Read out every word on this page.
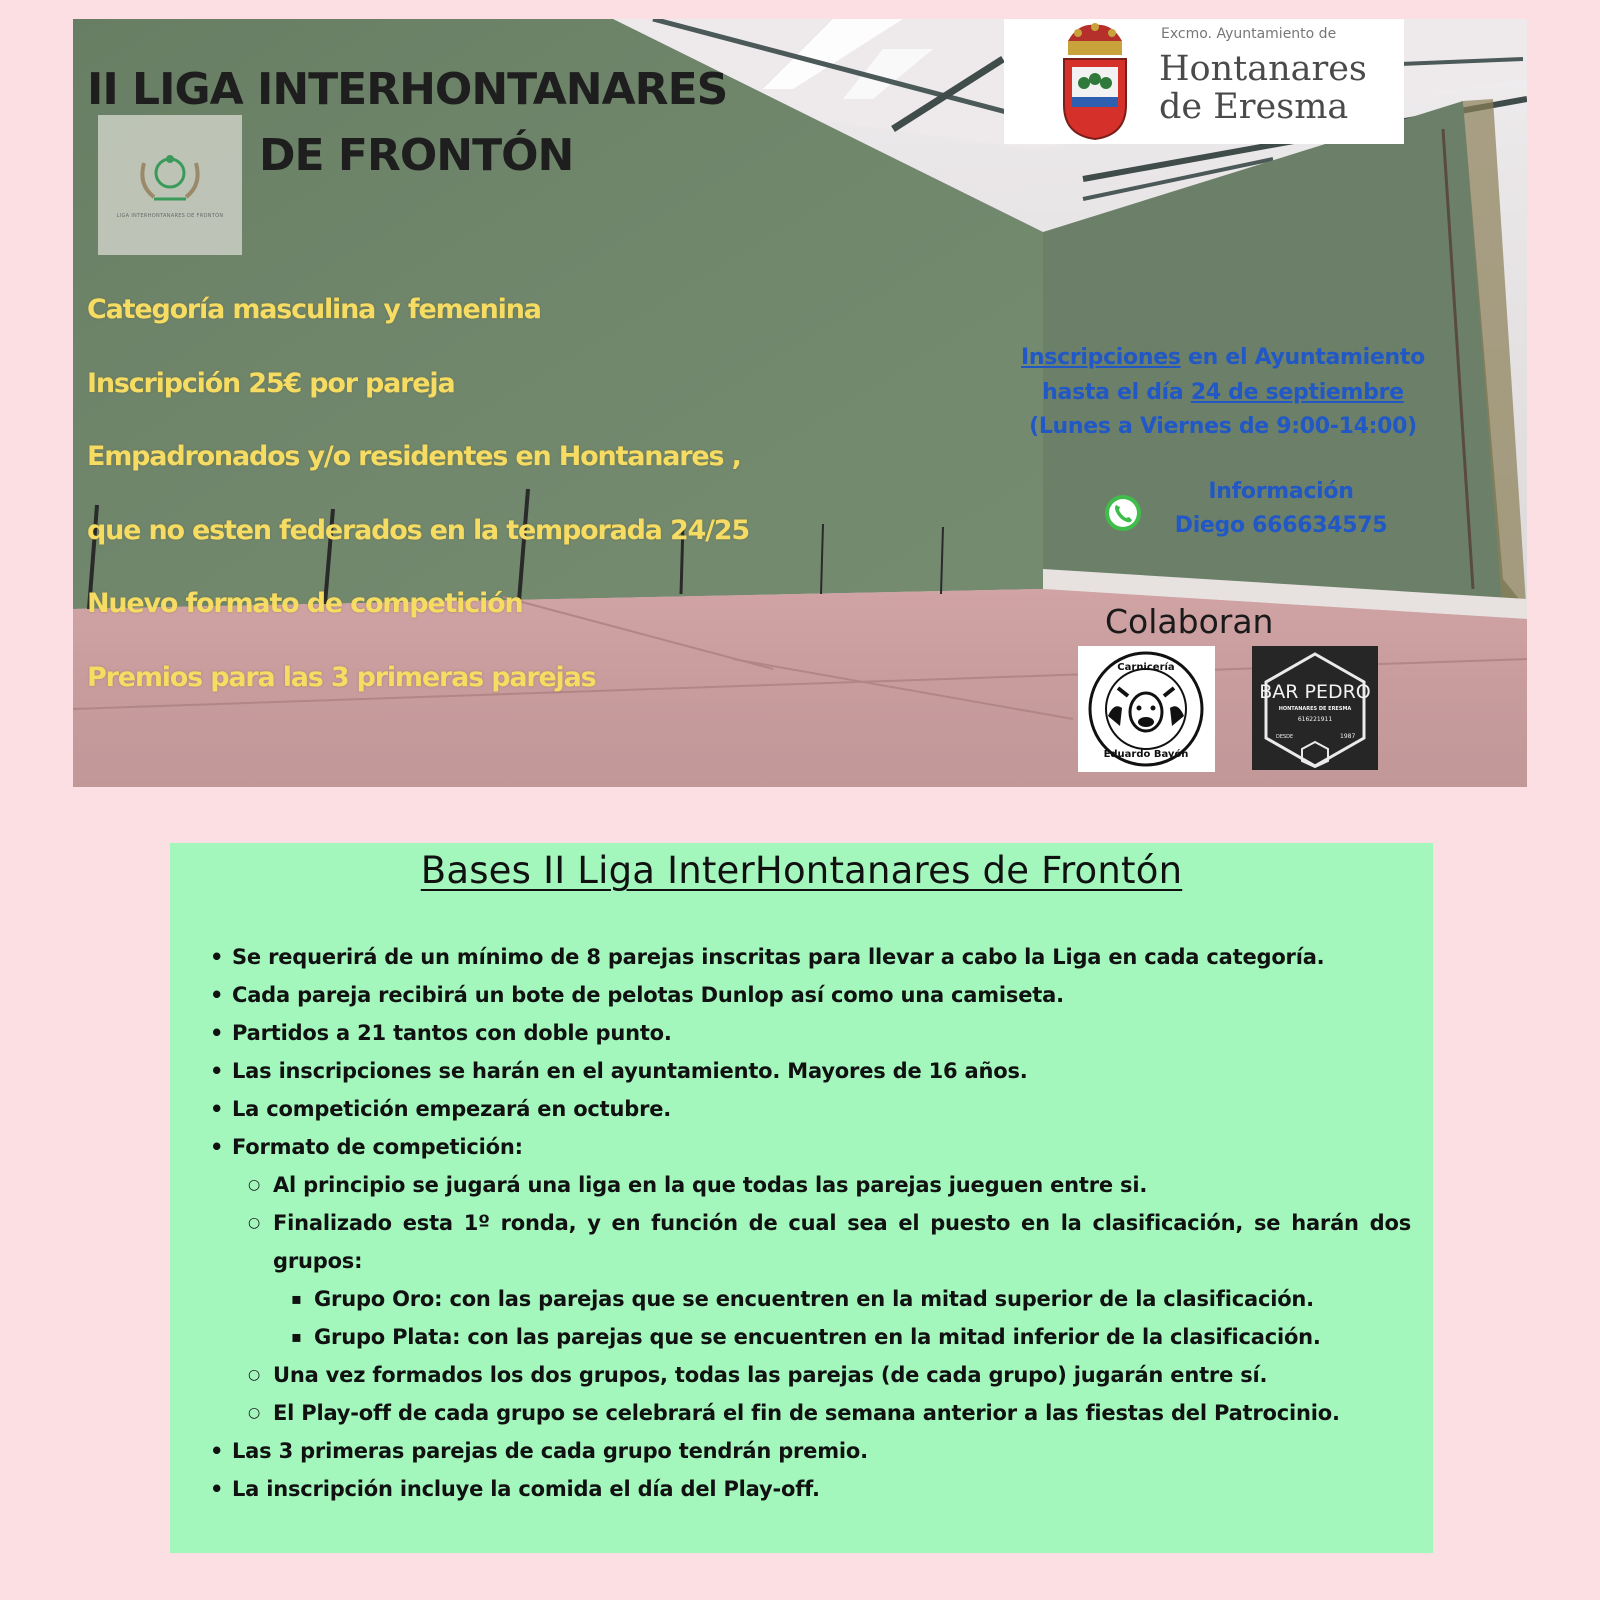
II LIGA INTERHONTANARES
DE FRONTÓN
LIGA INTERHONTANARES DE FRONTÓN
Categoría masculina y femenina
Inscripción 25€ por pareja
Empadronados y/o residentes en Hontanares ,
que no esten federados en la temporada 24/25
Nuevo formato de competición
Premios para las 3 primeras parejas
Excmo. Ayuntamiento de
Hontanares
de Eresma
Inscripciones en el Ayuntamiento
hasta el día 24 de septiembre
(Lunes a Viernes de 9:00-14:00)
Información
Diego 666634575
Colaboran
Carnicería
Eduardo Bayón
BAR PEDRO
HONTANARES DE ERESMA
616221911
DESDE	1987
Bases II Liga InterHontanares de Frontón
• Se requerirá de un mínimo de 8 parejas inscritas para llevar a cabo la Liga en cada categoría.
• Cada pareja recibirá un bote de pelotas Dunlop así como una camiseta.
• Partidos a 21 tantos con doble punto.
• Las inscripciones se harán en el ayuntamiento. Mayores de 16 años.
• La competición empezará en octubre.
• Formato de competición:
○ Al principio se jugará una liga en la que todas las parejas jueguen entre si.
○ Finalizado esta 1º ronda, y en función de cual sea el puesto en la clasificación, se harán dos grupos:
▪ Grupo Oro: con las parejas que se encuentren en la mitad superior de la clasificación.
▪ Grupo Plata: con las parejas que se encuentren en la mitad inferior de la clasificación.
○ Una vez formados los dos grupos, todas las parejas (de cada grupo) jugarán entre sí.
○ El Play-off de cada grupo se celebrará el fin de semana anterior a las fiestas del Patrocinio.
• Las 3 primeras parejas de cada grupo tendrán premio.
• La inscripción incluye la comida el día del Play-off.
